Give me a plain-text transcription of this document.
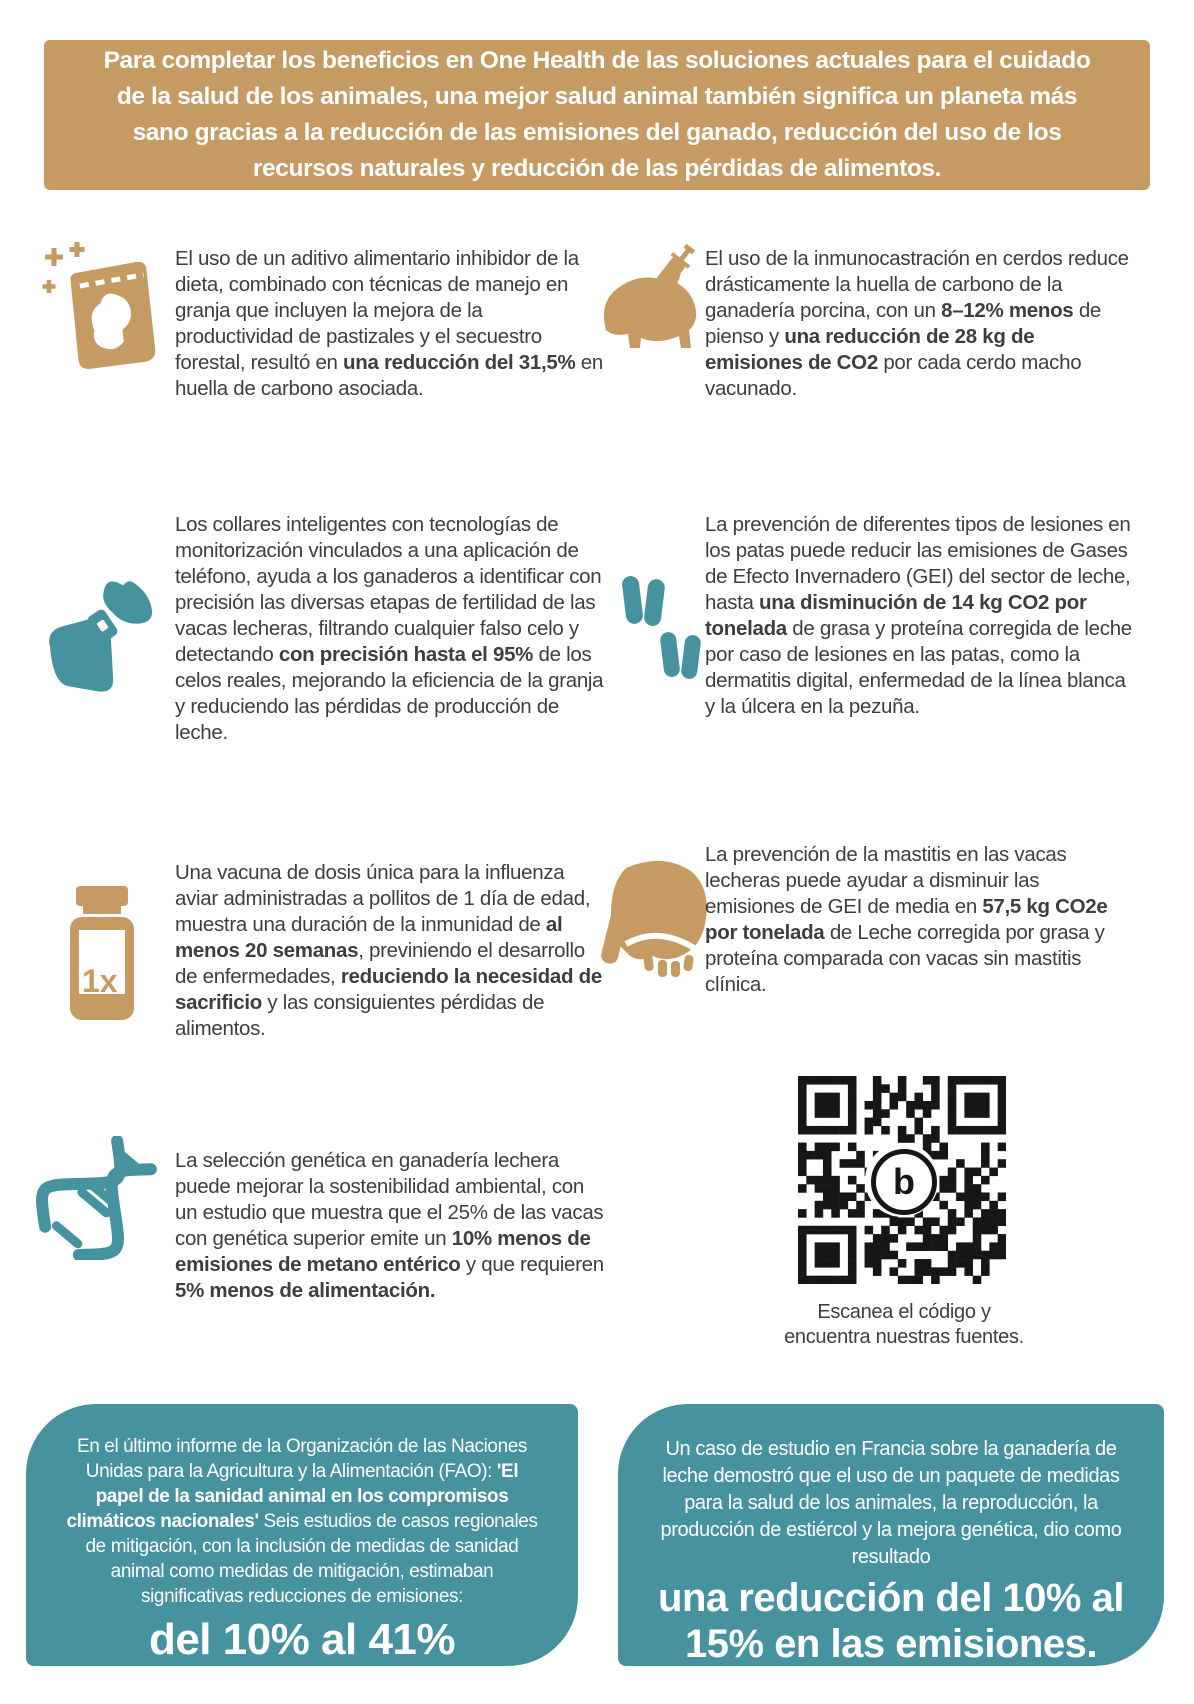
Para completar los beneficios en One Health de las soluciones actuales para el cuidado de la salud de los animales, una mejor salud animal también significa un planeta más sano gracias a la reducción de las emisiones del ganado, reducción del uso de los recursos naturales y reducción de las pérdidas de alimentos.

El uso de un aditivo alimentario inhibidor de la dieta, combinado con técnicas de manejo en granja que incluyen la mejora de la productividad de pastizales y el secuestro forestal, resultó en una reducción del 31,5% en huella de carbono asociada.

El uso de la inmunocastración en cerdos reduce drásticamente la huella de carbono de la ganadería porcina, con un 8–12% menos de pienso y una reducción de 28 kg de emisiones de CO2 por cada cerdo macho vacunado.

Los collares inteligentes con tecnologías de monitorización vinculados a una aplicación de teléfono, ayuda a los ganaderos a identificar con precisión las diversas etapas de fertilidad de las vacas lecheras, filtrando cualquier falso celo y detectando con precisión hasta el 95% de los celos reales, mejorando la eficiencia de la granja y reduciendo las pérdidas de producción de leche.

La prevención de diferentes tipos de lesiones en los patas puede reducir las emisiones de Gases de Efecto Invernadero (GEI) del sector de leche, hasta una disminución de 14 kg CO2 por tonelada de grasa y proteína corregida de leche por caso de lesiones en las patas, como la dermatitis digital, enfermedad de la línea blanca y la úlcera en la pezuña.

1x

Una vacuna de dosis única para la influenza aviar administradas a pollitos de 1 día de edad, muestra una duración de la inmunidad de al menos 20 semanas, previniendo el desarrollo de enfermedades, reduciendo la necesidad de sacrificio y las consiguientes pérdidas de alimentos.

La prevención de la mastitis en las vacas lecheras puede ayudar a disminuir las emisiones de GEI de media en 57,5 kg CO2e por tonelada de Leche corregida por grasa y proteína comparada con vacas sin mastitis clínica.

La selección genética en ganadería lechera puede mejorar la sostenibilidad ambiental, con un estudio que muestra que el 25% de las vacas con genética superior emite un 10% menos de emisiones de metano entérico y que requieren 5% menos de alimentación.

b
Escanea el código y
encuentra nuestras fuentes.

En el último informe de la Organización de las Naciones Unidas para la Agricultura y la Alimentación (FAO): 'El papel de la sanidad animal en los compromisos climáticos nacionales' Seis estudios de casos regionales de mitigación, con la inclusión de medidas de sanidad animal como medidas de mitigación, estimaban significativas reducciones de emisiones:

del 10% al 41%

Un caso de estudio en Francia sobre la ganadería de leche demostró que el uso de un paquete de medidas para la salud de los animales, la reproducción, la producción de estiércol y la mejora genética, dio como resultado

una reducción del 10% al 15% en las emisiones.
